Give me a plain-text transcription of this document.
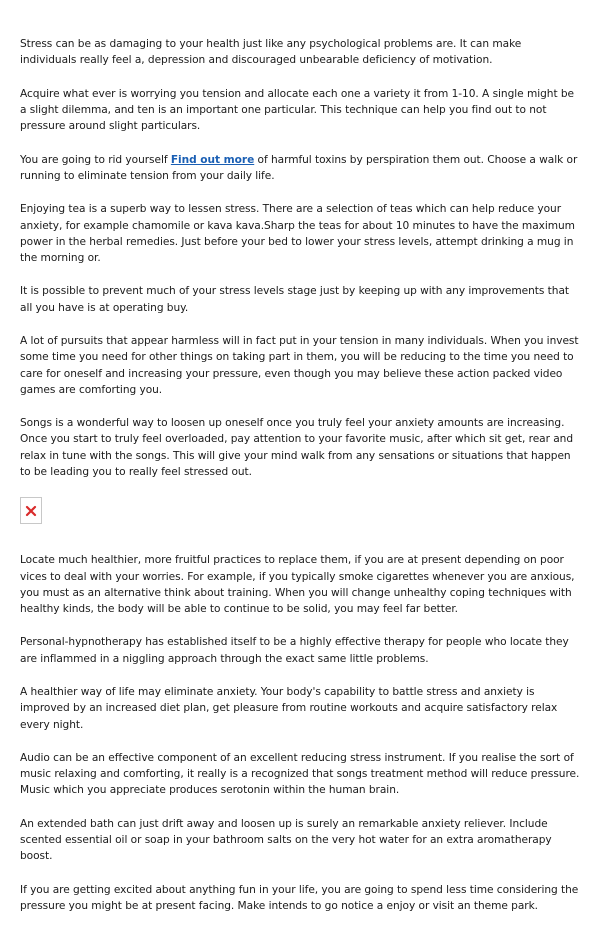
Stress can be as damaging to your health just like any psychological problems are. It can make individuals really feel a, depression and discouraged unbearable deficiency of motivation.

Acquire what ever is worrying you tension and allocate each one a variety it from 1-10. A single might be a slight dilemma, and ten is an important one particular. This technique can help you find out to not pressure around slight particulars.

You are going to rid yourself Find out more of harmful toxins by perspiration them out. Choose a walk or running to eliminate tension from your daily life.

Enjoying tea is a superb way to lessen stress. There are a selection of teas which can help reduce your anxiety, for example chamomile or kava kava.Sharp the teas for about 10 minutes to have the maximum power in the herbal remedies. Just before your bed to lower your stress levels, attempt drinking a mug in the morning or.

It is possible to prevent much of your stress levels stage just by keeping up with any improvements that all you have is at operating buy.

A lot of pursuits that appear harmless will in fact put in your tension in many individuals. When you invest some time you need for other things on taking part in them, you will be reducing to the time you need to care for oneself and increasing your pressure, even though you may believe these action packed video games are comforting you.

Songs is a wonderful way to loosen up oneself once you truly feel your anxiety amounts are increasing. Once you start to truly feel overloaded, pay attention to your favorite music, after which sit get, rear and relax in tune with the songs. This will give your mind walk from any sensations or situations that happen to be leading you to really feel stressed out.

Locate much healthier, more fruitful practices to replace them, if you are at present depending on poor vices to deal with your worries. For example, if you typically smoke cigarettes whenever you are anxious, you must as an alternative think about training. When you will change unhealthy coping techniques with healthy kinds, the body will be able to continue to be solid, you may feel far better.

Personal-hypnotherapy has established itself to be a highly effective therapy for people who locate they are inflammed in a niggling approach through the exact same little problems.

A healthier way of life may eliminate anxiety. Your body's capability to battle stress and anxiety is improved by an increased diet plan, get pleasure from routine workouts and acquire satisfactory relax every night.

Audio can be an effective component of an excellent reducing stress instrument. If you realise the sort of music relaxing and comforting, it really is a recognized that songs treatment method will reduce pressure. Music which you appreciate produces serotonin within the human brain.

An extended bath can just drift away and loosen up is surely an remarkable anxiety reliever. Include scented essential oil or soap in your bathroom salts on the very hot water for an extra aromatherapy boost.

If you are getting excited about anything fun in your life, you are going to spend less time considering the pressure you might be at present facing. Make intends to go notice a enjoy or visit an theme park.
